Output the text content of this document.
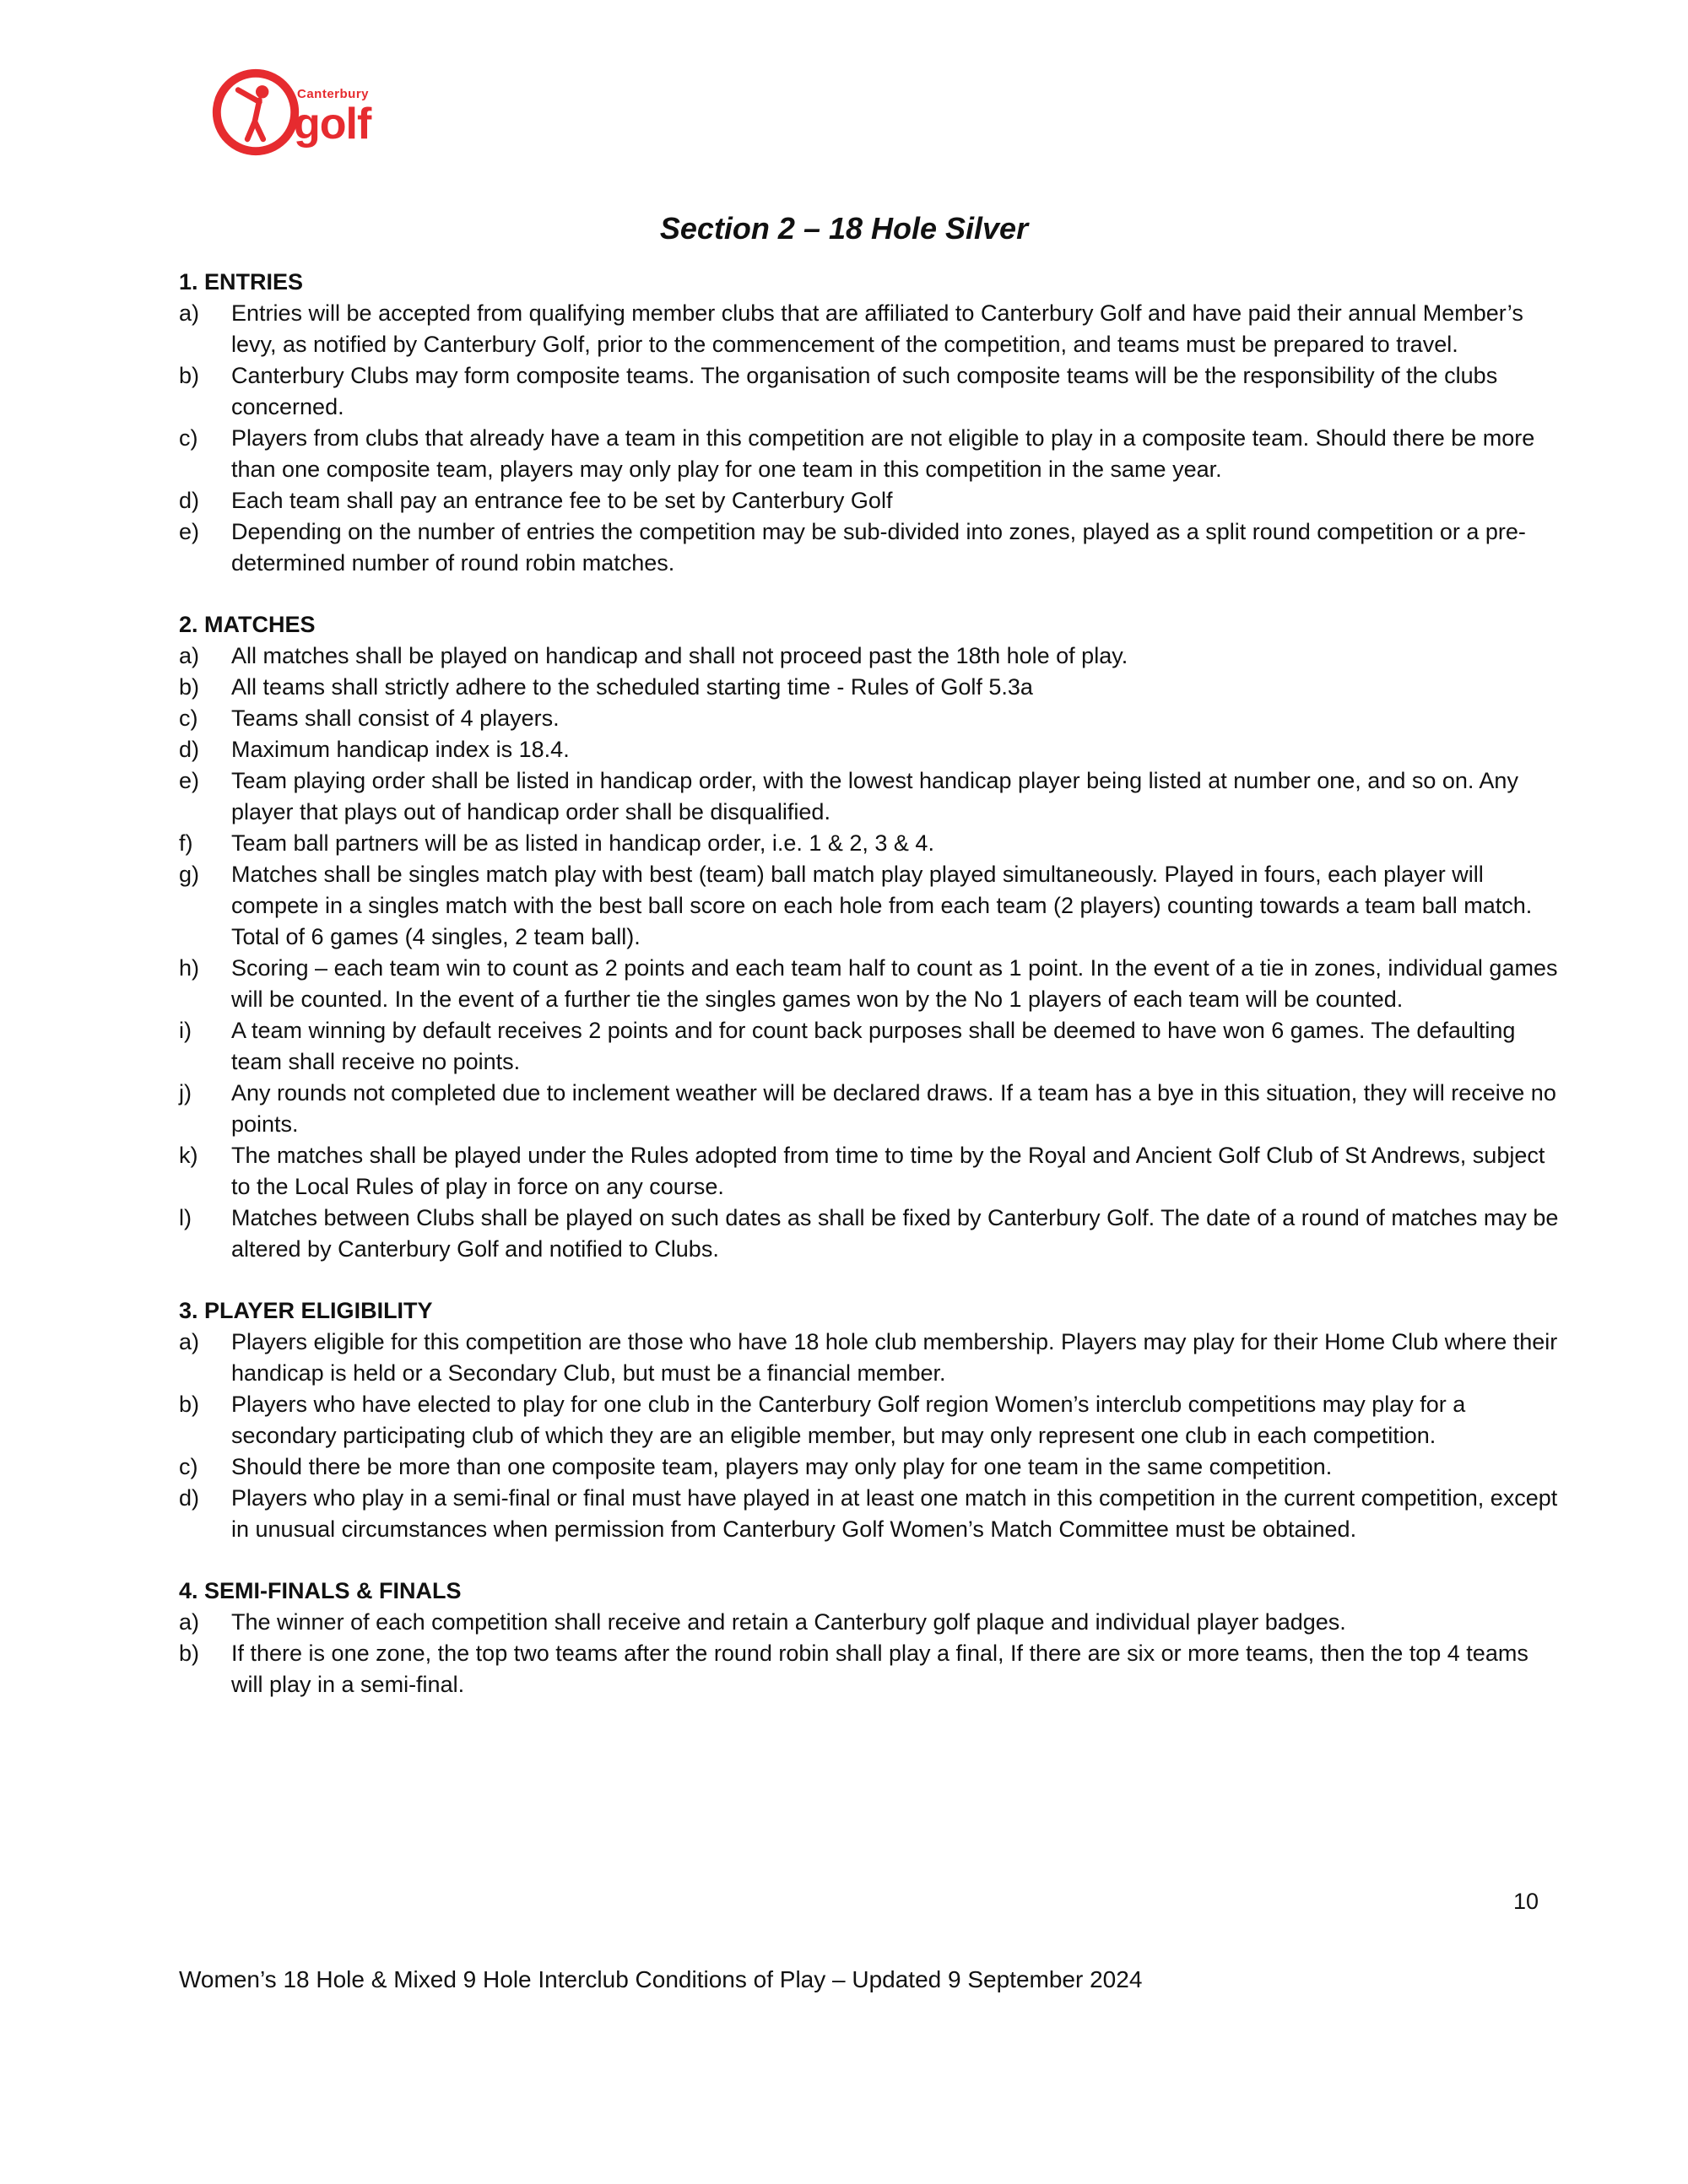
Canterbury
golf
Section 2 – 18 Hole Silver
1. ENTRIES
a)	Entries will be accepted from qualifying member clubs that are affiliated to Canterbury Golf and have paid their annual Member’s levy, as notified by Canterbury Golf, prior to the commencement of the competition, and teams must be prepared to travel.
b)	Canterbury Clubs may form composite teams. The organisation of such composite teams will be the responsibility of the clubs concerned.
c)	Players from clubs that already have a team in this competition are not eligible to play in a composite team. Should there be more than one composite team, players may only play for one team in this competition in the same year.
d)	Each team shall pay an entrance fee to be set by Canterbury Golf
e)	Depending on the number of entries the competition may be sub-divided into zones, played as a split round competition or a pre-determined number of round robin matches.
2. MATCHES
a)	All matches shall be played on handicap and shall not proceed past the 18th hole of play.
b)	All teams shall strictly adhere to the scheduled starting time - Rules of Golf 5.3a
c)	Teams shall consist of 4 players.
d)	Maximum handicap index is 18.4.
e)	Team playing order shall be listed in handicap order, with the lowest handicap player being listed at number one, and so on. Any player that plays out of handicap order shall be disqualified.
f)	Team ball partners will be as listed in handicap order, i.e. 1 & 2, 3 & 4.
g)	Matches shall be singles match play with best (team) ball match play played simultaneously. Played in fours, each player will compete in a singles match with the best ball score on each hole from each team (2 players) counting towards a team ball match. Total of 6 games (4 singles, 2 team ball).
h)	Scoring – each team win to count as 2 points and each team half to count as 1 point. In the event of a tie in zones, individual games will be counted. In the event of a further tie the singles games won by the No 1 players of each team will be counted.
i)	A team winning by default receives 2 points and for count back purposes shall be deemed to have won 6 games. The defaulting team shall receive no points.
j)	Any rounds not completed due to inclement weather will be declared draws. If a team has a bye in this situation, they will receive no points.
k)	The matches shall be played under the Rules adopted from time to time by the Royal and Ancient Golf Club of St Andrews, subject to the Local Rules of play in force on any course.
l)	Matches between Clubs shall be played on such dates as shall be fixed by Canterbury Golf. The date of a round of matches may be altered by Canterbury Golf and notified to Clubs.
3. PLAYER ELIGIBILITY
a)	Players eligible for this competition are those who have 18 hole club membership. Players may play for their Home Club where their handicap is held or a Secondary Club, but must be a financial member.
b)	Players who have elected to play for one club in the Canterbury Golf region Women’s interclub competitions may play for a secondary participating club of which they are an eligible member, but may only represent one club in each competition.
c)	Should there be more than one composite team, players may only play for one team in the same competition.
d)	Players who play in a semi-final or final must have played in at least one match in this competition in the current competition, except in unusual circumstances when permission from Canterbury Golf Women’s Match Committee must be obtained.
4. SEMI-FINALS & FINALS
a)	The winner of each competition shall receive and retain a Canterbury golf plaque and individual player badges.
b)	If there is one zone, the top two teams after the round robin shall play a final, If there are six or more teams, then the top 4 teams will play in a semi-final.
10
Women’s 18 Hole & Mixed 9 Hole Interclub Conditions of Play – Updated 9 September 2024
